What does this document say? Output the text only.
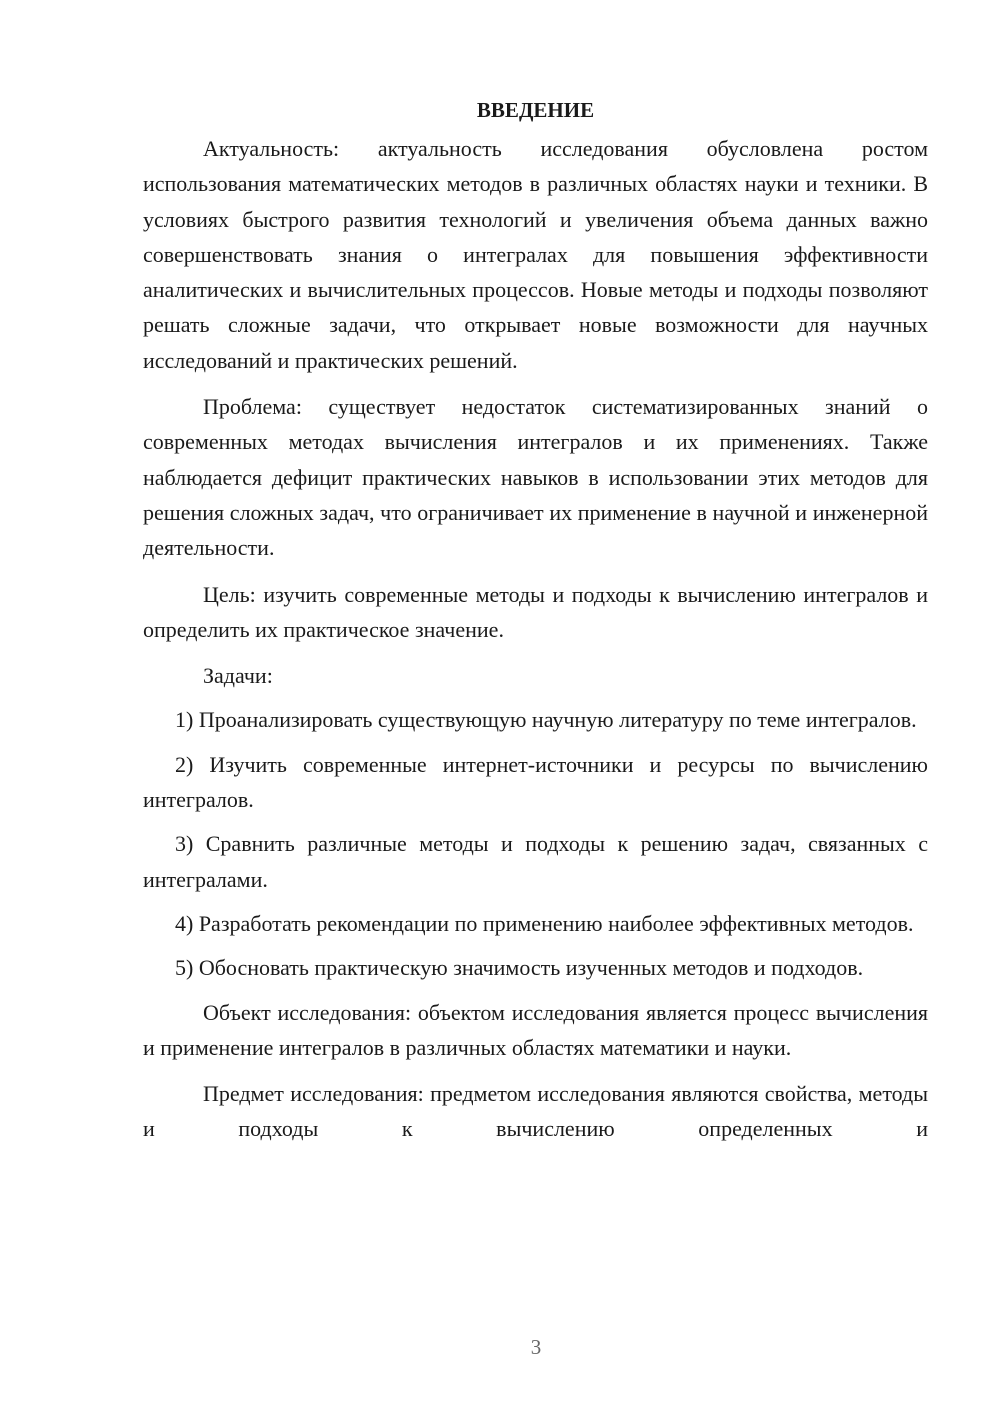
ВВЕДЕНИЕ

Актуальность: актуальность исследования обусловлена ростом использования математических методов в различных областях науки и техники. В условиях быстрого развития технологий и увеличения объема данных важно совершенствовать знания о интегралах для повышения эффективности аналитических и вычислительных процессов. Новые методы и подходы позволяют решать сложные задачи, что открывает новые возможности для научных исследований и практических решений.

Проблема: существует недостаток систематизированных знаний о современных методах вычисления интегралов и их применениях. Также наблюдается дефицит практических навыков в использовании этих методов для решения сложных задач, что ограничивает их применение в научной и инженерной деятельности.

Цель: изучить современные методы и подходы к вычислению интегралов и определить их практическое значение.

Задачи:

1) Проанализировать существующую научную литературу по теме интегралов.

2) Изучить современные интернет-источники и ресурсы по вычислению интегралов.

3) Сравнить различные методы и подходы к решению задач, связанных с интегралами.

4) Разработать рекомендации по применению наиболее эффективных методов.

5) Обосновать практическую значимость изученных методов и подходов.

Объект исследования: объектом исследования является процесс вычисления и применение интегралов в различных областях математики и науки.

Предмет исследования: предметом исследования являются свойства, методы и подходы к вычислению определенных и

3
